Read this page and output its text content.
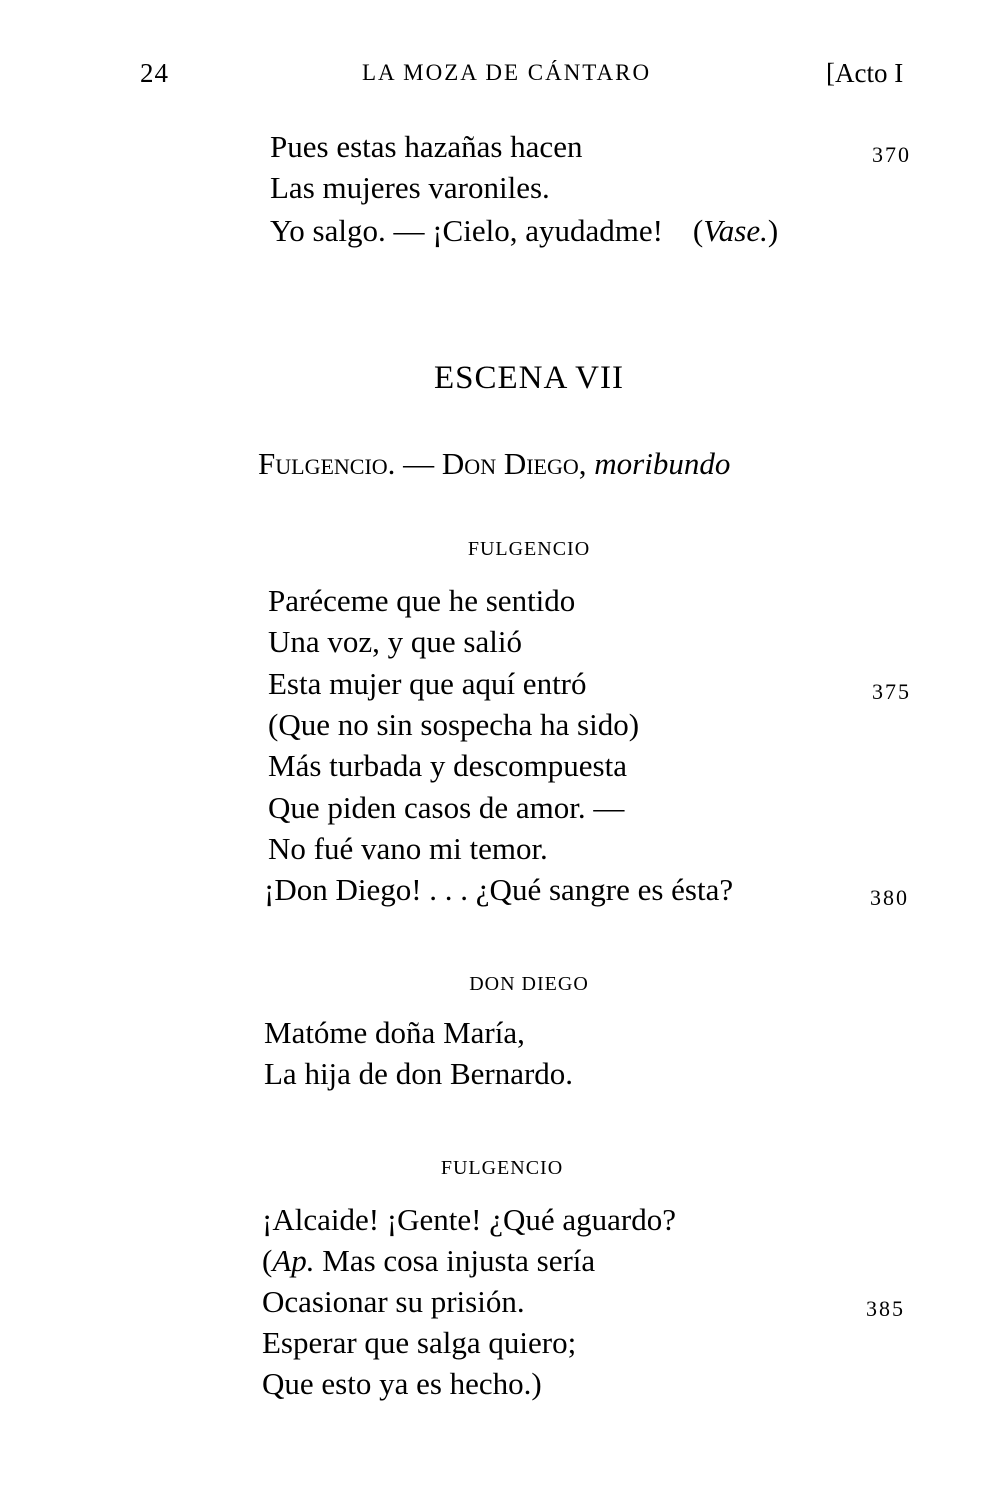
24	LA MOZA DE CÁNTARO	[Acto I
Pues estas hazañas hacen	370
Las mujeres varoniles.
Yo salgo. — ¡Cielo, ayudadme! (Vase.)
ESCENA VII
Fulgencio. — Don Diego, moribundo
FULGENCIO
Paréceme que he sentido
Una voz, y que salió
Esta mujer que aquí entró	375
(Que no sin sospecha ha sido)
Más turbada y descompuesta
Que piden casos de amor. —
No fué vano mi temor.
¡Don Diego! . . . ¿Qué sangre es ésta?	380
DON DIEGO
Matóme doña María,
La hija de don Bernardo.
FULGENCIO
¡Alcaide! ¡Gente! ¿Qué aguardo?
(Ap. Mas cosa injusta sería
Ocasionar su prisión.	385
Esperar que salga quiero;
Que esto ya es hecho.)
